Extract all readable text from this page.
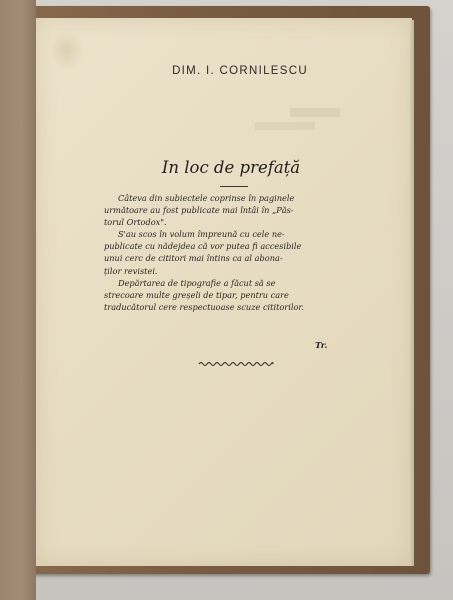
DIM. I. CORNILESCU
In loc de prefață
Câteva din subiectele coprinse în paginele
următoare au fost publicate mai întâi în „Păs-
torul Ortodox".
S'au scos în volum împreună cu cele ne-
publicate cu nădejdea că vor putea fi accesibile
unui cerc de cititori mai întins ca al abona-
ților revistei.
Depărtarea de tipografie a făcut să se
strecoare multe greșeli de tipar, pentru care
traducătorul cere respectuoase scuze cititorilor.
Tr.
